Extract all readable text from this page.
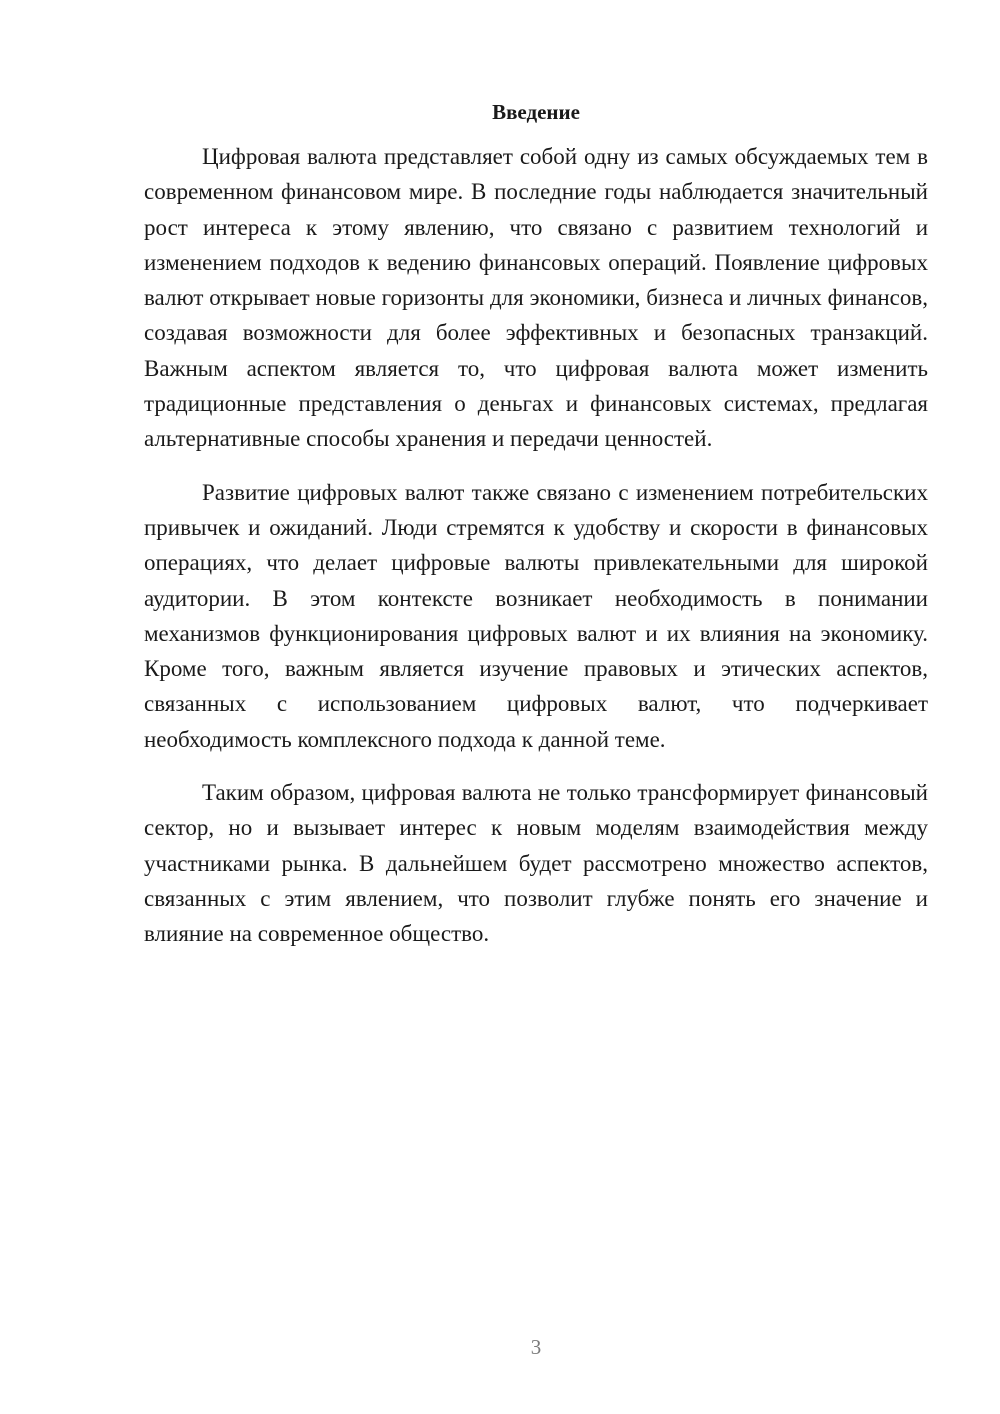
Введение

Цифровая валюта представляет собой одну из самых обсуждаемых тем в современном финансовом мире. В последние годы наблюдается значительный рост интереса к этому явлению, что связано с развитием технологий и изменением подходов к ведению финансовых операций. Появление цифровых валют открывает новые горизонты для экономики, бизнеса и личных финансов, создавая возможности для более эффективных и безопасных транзакций. Важным аспектом является то, что цифровая валюта может изменить традиционные представления о деньгах и финансовых системах, предлагая альтернативные способы хранения и передачи ценностей.

Развитие цифровых валют также связано с изменением потребительских привычек и ожиданий. Люди стремятся к удобству и скорости в финансовых операциях, что делает цифровые валюты привлекательными для широкой аудитории. В этом контексте возникает необходимость в понимании механизмов функционирования цифровых валют и их влияния на экономику. Кроме того, важным является изучение правовых и этических аспектов, связанных с использованием цифровых валют, что подчеркивает необходимость комплексного подхода к данной теме.

Таким образом, цифровая валюта не только трансформирует финансовый сектор, но и вызывает интерес к новым моделям взаимодействия между участниками рынка. В дальнейшем будет рассмотрено множество аспектов, связанных с этим явлением, что позволит глубже понять его значение и влияние на современное общество.

3
